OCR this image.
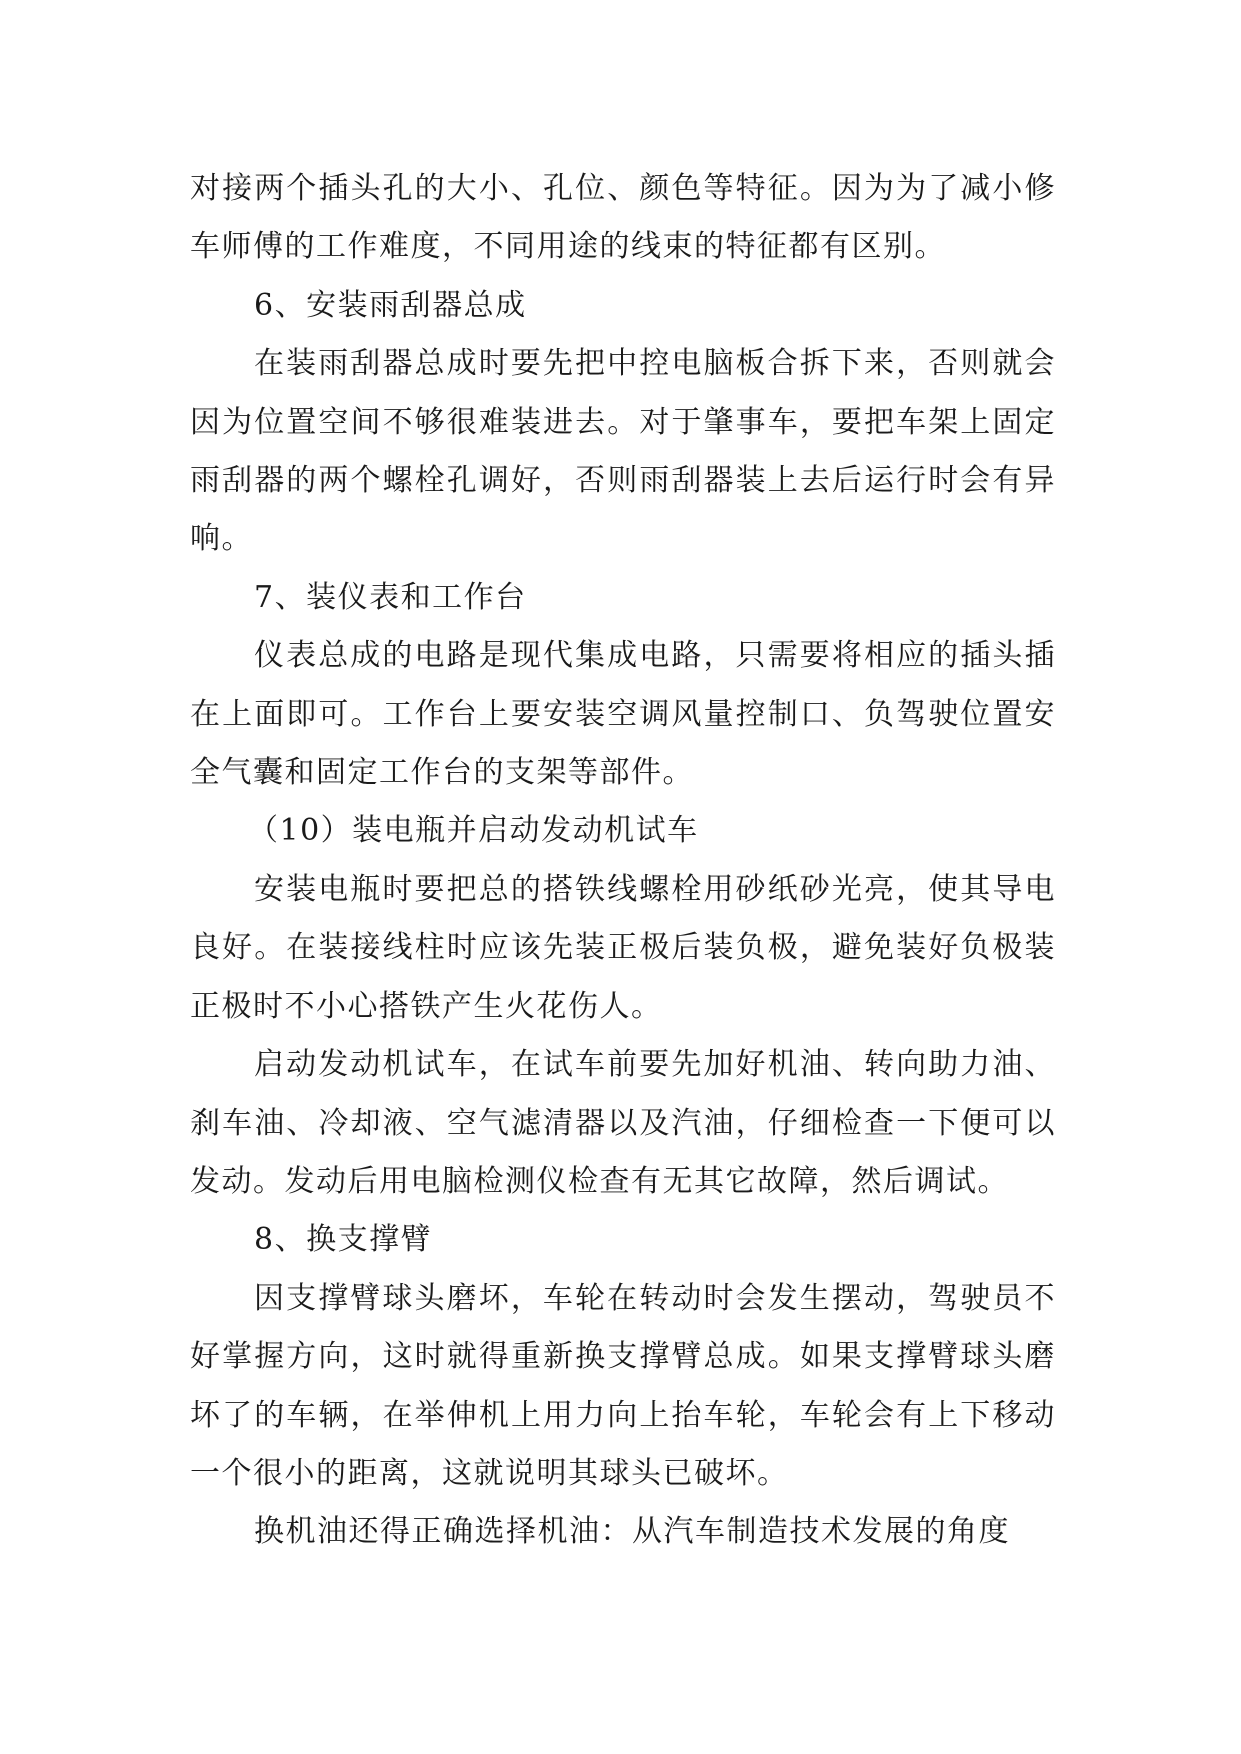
对接两个插头孔的大小、孔位、颜色等特征。因为为了减小修车师傅的工作难度，不同用途的线束的特征都有区别。

6、安装雨刮器总成

在装雨刮器总成时要先把中控电脑板合拆下来，否则就会因为位置空间不够很难装进去。对于肇事车，要把车架上固定雨刮器的两个螺栓孔调好，否则雨刮器装上去后运行时会有异响。

7、装仪表和工作台

仪表总成的电路是现代集成电路，只需要将相应的插头插在上面即可。工作台上要安装空调风量控制口、负驾驶位置安全气囊和固定工作台的支架等部件。

（10）装电瓶并启动发动机试车

安装电瓶时要把总的搭铁线螺栓用砂纸砂光亮，使其导电良好。在装接线柱时应该先装正极后装负极，避免装好负极装正极时不小心搭铁产生火花伤人。

启动发动机试车，在试车前要先加好机油、转向助力油、刹车油、冷却液、空气滤清器以及汽油，仔细检查一下便可以发动。发动后用电脑检测仪检查有无其它故障，然后调试。

8、换支撑臂

因支撑臂球头磨坏，车轮在转动时会发生摆动，驾驶员不好掌握方向，这时就得重新换支撑臂总成。如果支撑臂球头磨坏了的车辆，在举伸机上用力向上抬车轮，车轮会有上下移动一个很小的距离，这就说明其球头已破坏。

换机油还得正确选择机油：从汽车制造技术发展的角度
